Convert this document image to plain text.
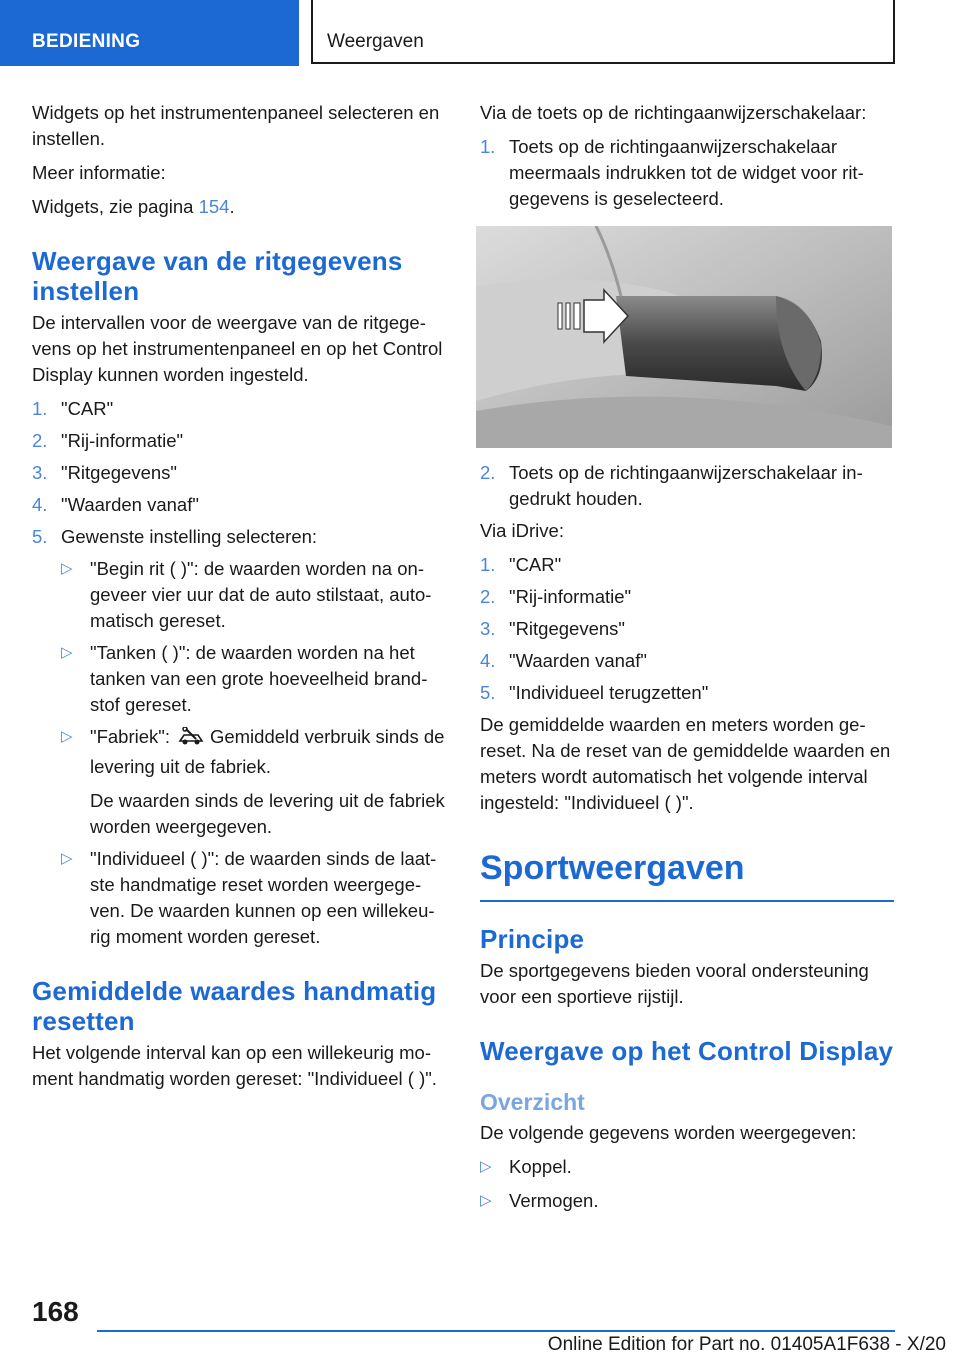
BEDIENING	Weergaven

Widgets op het instrumentenpaneel selecteren en instellen.

Meer informatie:

Widgets, zie pagina 154.

Weergave van de ritgegevens instellen

De intervallen voor de weergave van de ritgegevens op het instrumentenpaneel en op het Control Display kunnen worden ingesteld.

1. "CAR"
2. "Rij-informatie"
3. "Ritgegevens"
4. "Waarden vanaf"
5. Gewenste instelling selecteren:
▷ "Begin rit ( )": de waarden worden na ongeveer vier uur dat de auto stilstaat, automatisch gereset.
▷ "Tanken ( )": de waarden worden na het tanken van een grote hoeveelheid brandstof gereset.
▷ "Fabriek": Gemiddeld verbruik sinds de levering uit de fabriek.
De waarden sinds de levering uit de fabriek worden weergegeven.
▷ "Individueel ( )": de waarden sinds de laatste handmatige reset worden weergegeven. De waarden kunnen op een willekeurig moment worden gereset.
Gemiddelde waardes handmatig resetten

Het volgende interval kan op een willekeurig moment handmatig worden gereset: "Individueel ( )".

Via de toets op de richtingaanwijzerschakelaar:

1. Toets op de richtingaanwijzerschakelaar meermaals indrukken tot de widget voor ritgegevens is geselecteerd.
2. Toets op de richtingaanwijzerschakelaar ingedrukt houden.

Via iDrive:

1. "CAR"
2. "Rij-informatie"
3. "Ritgegevens"
4. "Waarden vanaf"
5. "Individueel terugzetten"

De gemiddelde waarden en meters worden gereset. Na de reset van de gemiddelde waarden en meters wordt automatisch het volgende interval ingesteld: "Individueel ( )".

Sportweergaven
Principe

De sportgegevens bieden vooral ondersteuning voor een sportieve rijstijl.

Weergave op het Control Display
Overzicht

De volgende gegevens worden weergegeven:

▷ Koppel.
▷ Vermogen.
168
Online Edition for Part no. 01405A1F638 - X/20
